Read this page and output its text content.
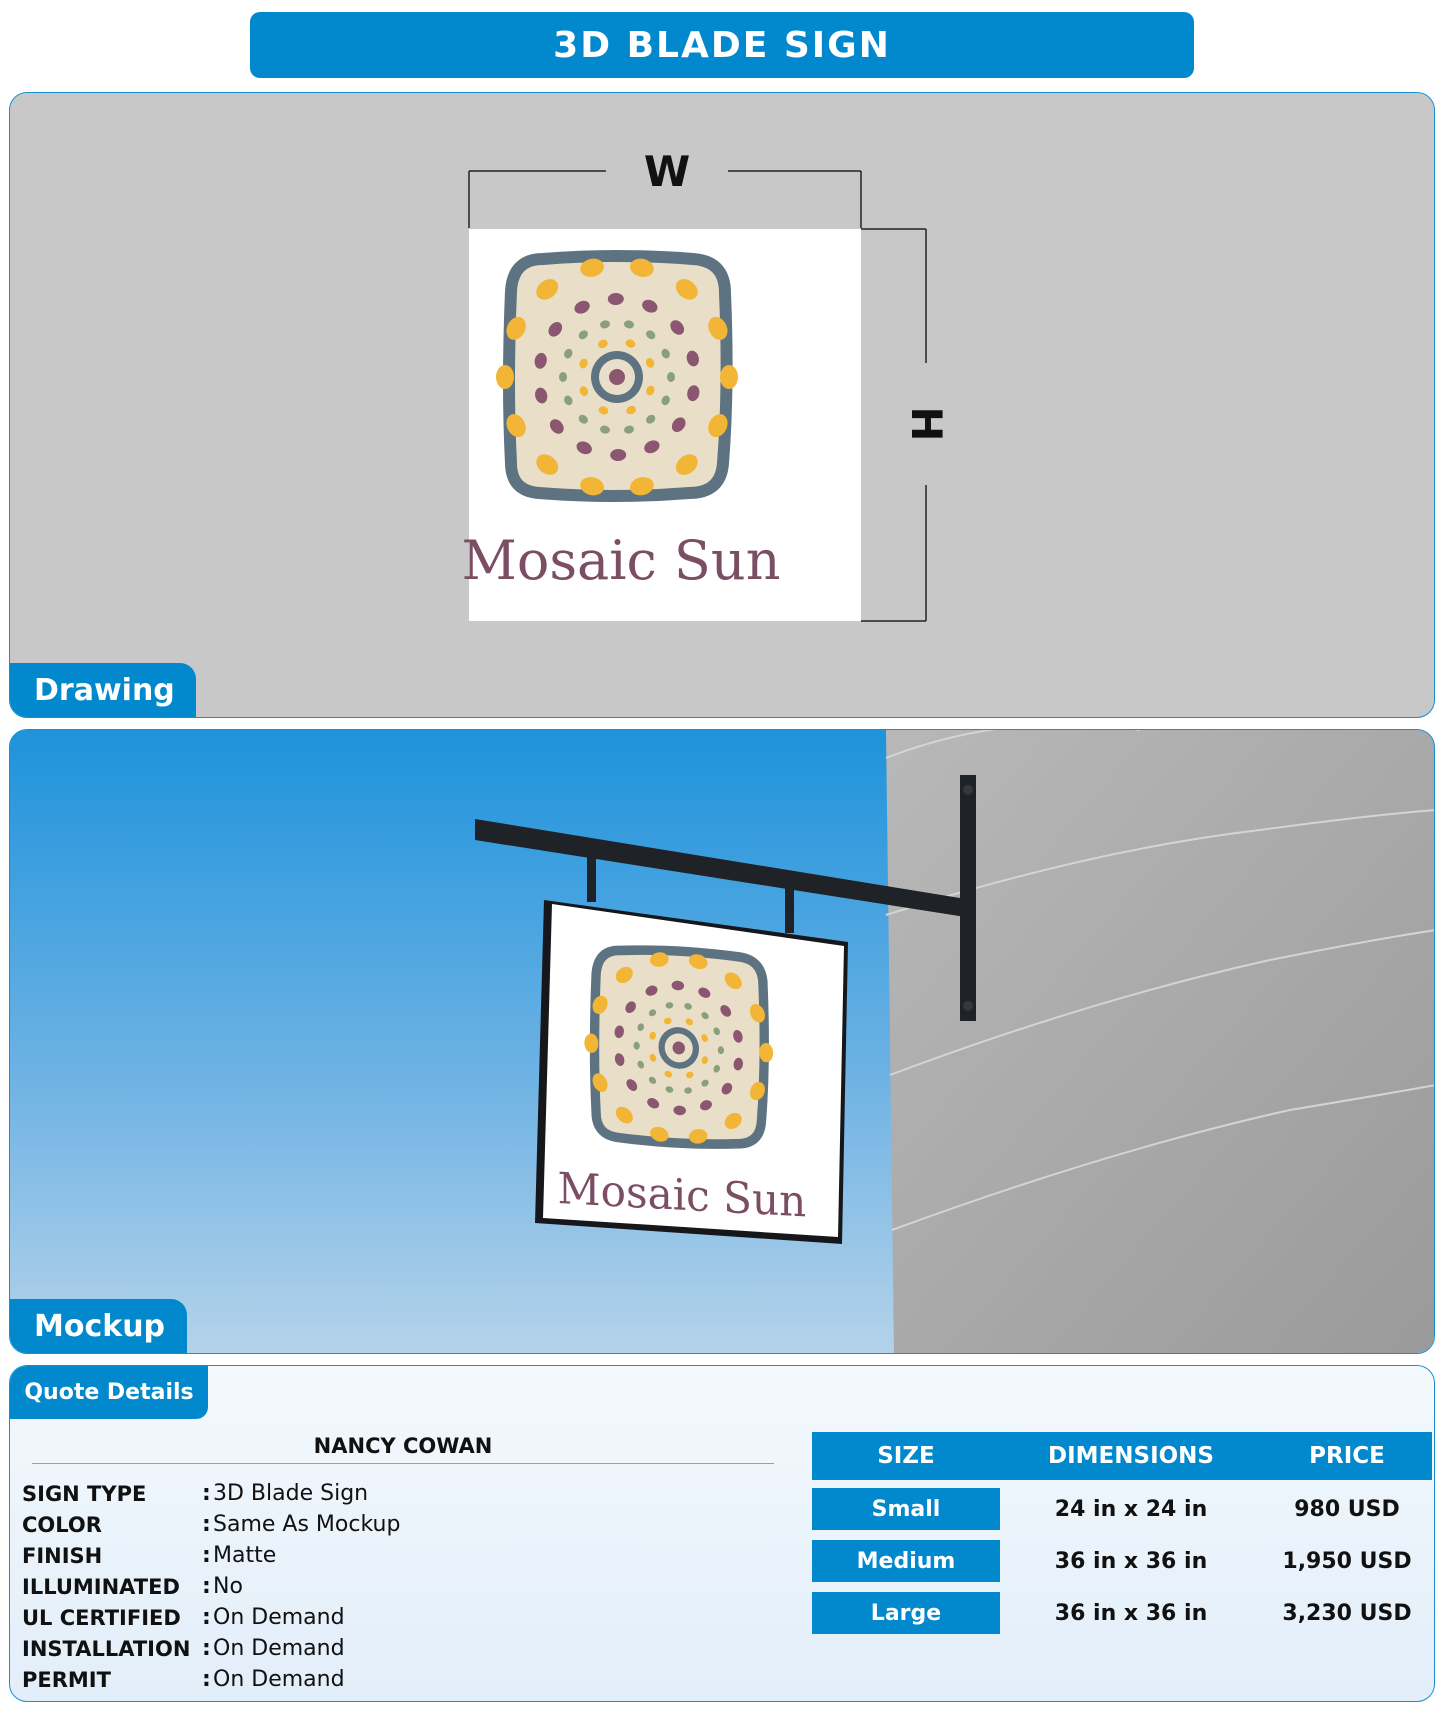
3D BLADE SIGN
W
H
Mosaic Sun
Drawing
Mosaic Sun
Mockup
Quote Details
NANCY COWAN
SIGN TYPE	: 3D Blade Sign
COLOR	: Same As Mockup
FINISH	: Matte
ILLUMINATED	: No
UL CERTIFIED : On Demand
INSTALLATION : On Demand
PERMIT	: On Demand
SIZE	DIMENSIONS	PRICE
Small	24 in x 24 in	980 USD
Medium	36 in x 36 in	1,950 USD
Large	36 in x 36 in	3,230 USD
